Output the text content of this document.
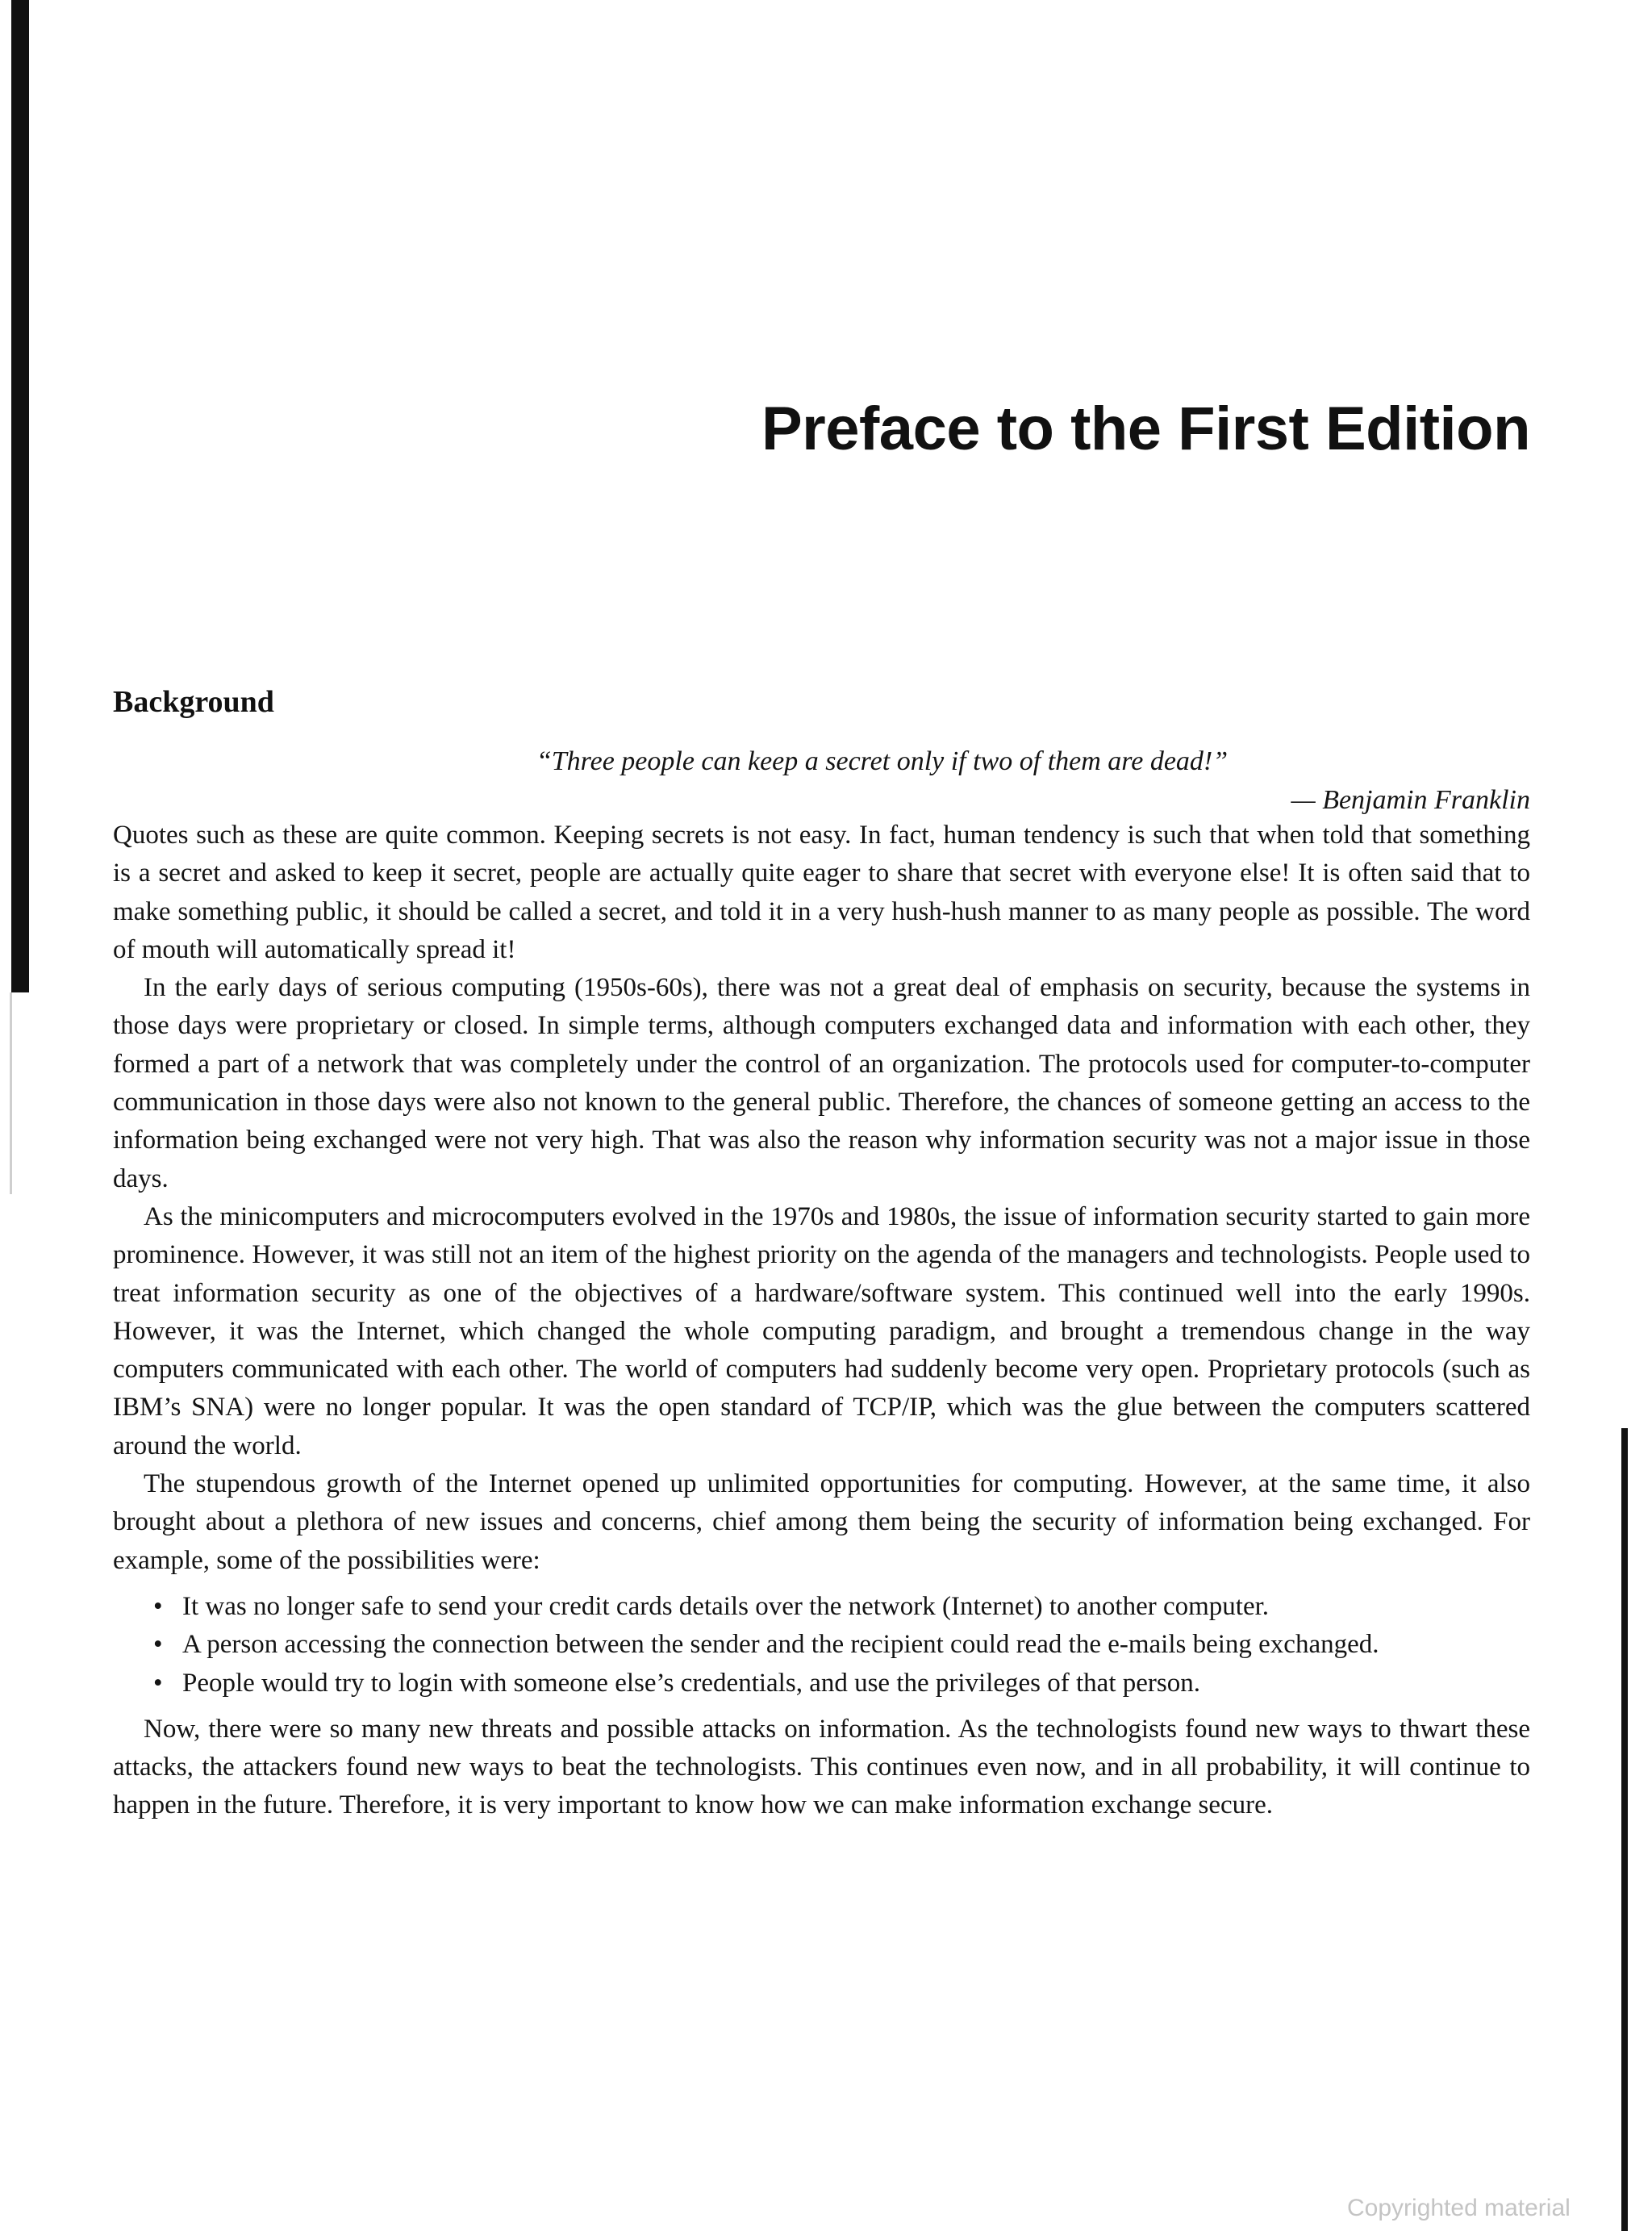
Preface to the First Edition
Background
“Three people can keep a secret only if two of them are dead!”
— Benjamin Franklin

Quotes such as these are quite common. Keeping secrets is not easy. In fact, human tendency is such that when told that something is a secret and asked to keep it secret, people are actually quite eager to share that secret with everyone else! It is often said that to make something public, it should be called a secret, and told it in a very hush-hush manner to as many people as possible. The word of mouth will automatically spread it!

In the early days of serious computing (1950s-60s), there was not a great deal of emphasis on security, because the systems in those days were proprietary or closed. In simple terms, although computers exchanged data and information with each other, they formed a part of a network that was completely under the control of an organization. The protocols used for computer-to-computer communication in those days were also not known to the general public. Therefore, the chances of someone getting an access to the information being exchanged were not very high. That was also the reason why information security was not a major issue in those days.

As the minicomputers and microcomputers evolved in the 1970s and 1980s, the issue of information security started to gain more prominence. However, it was still not an item of the highest priority on the agenda of the managers and technologists. People used to treat information security as one of the objectives of a hardware/software system. This continued well into the early 1990s. However, it was the Internet, which changed the whole computing paradigm, and brought a tremendous change in the way computers communicated with each other. The world of computers had suddenly become very open. Proprietary protocols (such as IBM’s SNA) were no longer popular. It was the open standard of TCP/IP, which was the glue between the computers scattered around the world.

The stupendous growth of the Internet opened up unlimited opportunities for computing. However, at the same time, it also brought about a plethora of new issues and concerns, chief among them being the security of information being exchanged. For example, some of the possibilities were:

• It was no longer safe to send your credit cards details over the network (Internet) to another computer.
• A person accessing the connection between the sender and the recipient could read the e-mails being exchanged.
• People would try to login with someone else’s credentials, and use the privileges of that person.

Now, there were so many new threats and possible attacks on information. As the technologists found new ways to thwart these attacks, the attackers found new ways to beat the technologists. This continues even now, and in all probability, it will continue to happen in the future. Therefore, it is very important to know how we can make information exchange secure.

Copyrighted material
